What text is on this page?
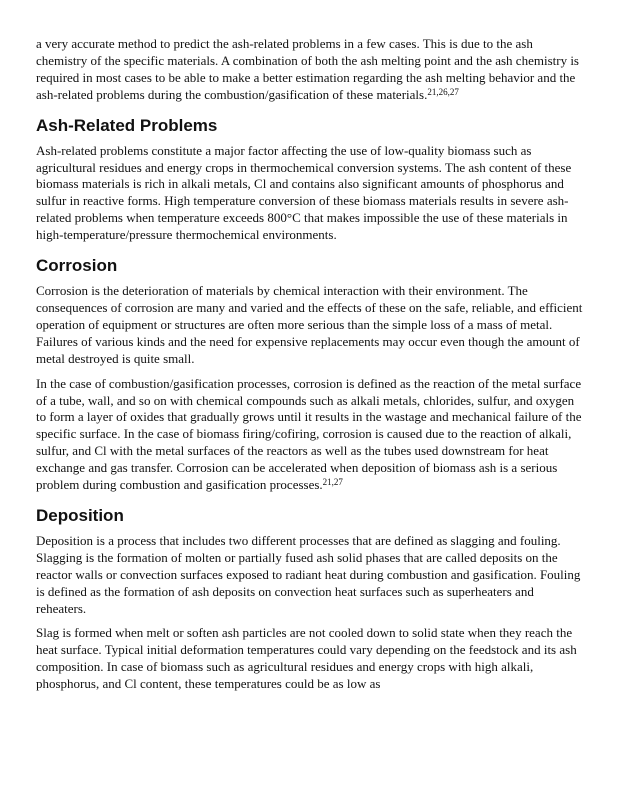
a very accurate method to predict the ash-related problems in a few cases. This is due to the ash chemistry of the specific materials. A combination of both the ash melting point and the ash chemistry is required in most cases to be able to make a better estimation regarding the ash melting behavior and the ash-related problems during the combustion/gasification of these materials.$^{21,26,27}$

Ash-Related Problems

Ash-related problems constitute a major factor affecting the use of low-quality biomass such as agricultural residues and energy crops in thermochemical conversion systems. The ash content of these biomass materials is rich in alkali metals, Cl and contains also significant amounts of phosphorus and sulfur in reactive forms. High temperature conversion of these biomass materials results in severe ash-related problems when temperature exceeds 800°C that makes impossible the use of these materials in high-temperature/pressure thermochemical environments.

Corrosion

Corrosion is the deterioration of materials by chemical interaction with their environment. The consequences of corrosion are many and varied and the effects of these on the safe, reliable, and efficient operation of equipment or structures are often more serious than the simple loss of a mass of metal. Failures of various kinds and the need for expensive replacements may occur even though the amount of metal destroyed is quite small.

In the case of combustion/gasification processes, corrosion is defined as the reaction of the metal surface of a tube, wall, and so on with chemical compounds such as alkali metals, chlorides, sulfur, and oxygen to form a layer of oxides that gradually grows until it results in the wastage and mechanical failure of the specific surface. In the case of biomass firing/cofiring, corrosion is caused due to the reaction of alkali, sulfur, and Cl with the metal surfaces of the reactors as well as the tubes used downstream for heat exchange and gas transfer. Corrosion can be accelerated when deposition of biomass ash is a serious problem during combustion and gasification processes.$^{21,27}$

Deposition

Deposition is a process that includes two different processes that are defined as slagging and fouling. Slagging is the formation of molten or partially fused ash solid phases that are called deposits on the reactor walls or convection surfaces exposed to radiant heat during combustion and gasification. Fouling is defined as the formation of ash deposits on convection heat surfaces such as superheaters and reheaters.

Slag is formed when melt or soften ash particles are not cooled down to solid state when they reach the heat surface. Typical initial deformation temperatures could vary depending on the feedstock and its ash composition. In case of biomass such as agricultural residues and energy crops with high alkali, phosphorus, and Cl content, these temperatures could be as low as
